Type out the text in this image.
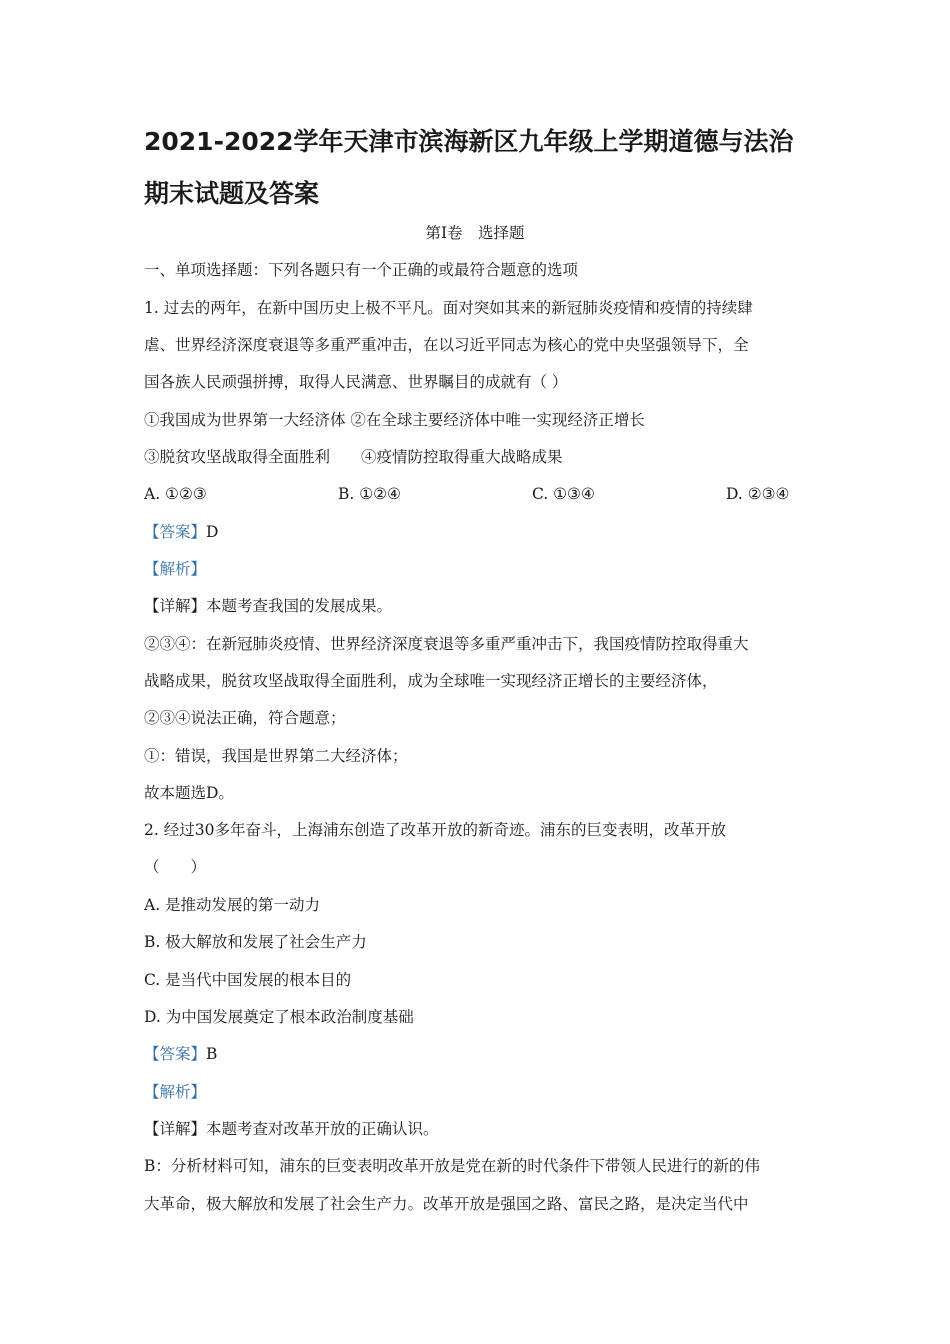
2021-2022学年天津市滨海新区九年级上学期道德与法治期末试题及答案

第Ⅰ卷　选择题

一、单项选择题：下列各题只有一个正确的或最符合题意的选项

1. 过去的两年，在新中国历史上极不平凡。面对突如其来的新冠肺炎疫情和疫情的持续肆

虐、世界经济深度衰退等多重严重冲击，在以习近平同志为核心的党中央坚强领导下，全

国各族人民顽强拼搏，取得人民满意、世界瞩目的成就有（ ）

①我国成为世界第一大经济体 ②在全球主要经济体中唯一实现经济正增长

③脱贫攻坚战取得全面胜利　　④疫情防控取得重大战略成果

A. ①②③	B. ①②④	C. ①③④	D. ②③④

【答案】D

【解析】

【详解】本题考查我国的发展成果。

②③④：在新冠肺炎疫情、世界经济深度衰退等多重严重冲击下，我国疫情防控取得重大

战略成果，脱贫攻坚战取得全面胜利，成为全球唯一实现经济正增长的主要经济体，

②③④说法正确，符合题意；

①：错误，我国是世界第二大经济体；

故本题选D。

2. 经过30多年奋斗，上海浦东创造了改革开放的新奇迹。浦东的巨变表明，改革开放

（　　）

A. 是推动发展的第一动力

B. 极大解放和发展了社会生产力

C. 是当代中国发展的根本目的

D. 为中国发展奠定了根本政治制度基础

【答案】B

【解析】

【详解】本题考查对改革开放的正确认识。

B：分析材料可知，浦东的巨变表明改革开放是党在新的时代条件下带领人民进行的新的伟

大革命，极大解放和发展了社会生产力。改革开放是强国之路、富民之路，是决定当代中
